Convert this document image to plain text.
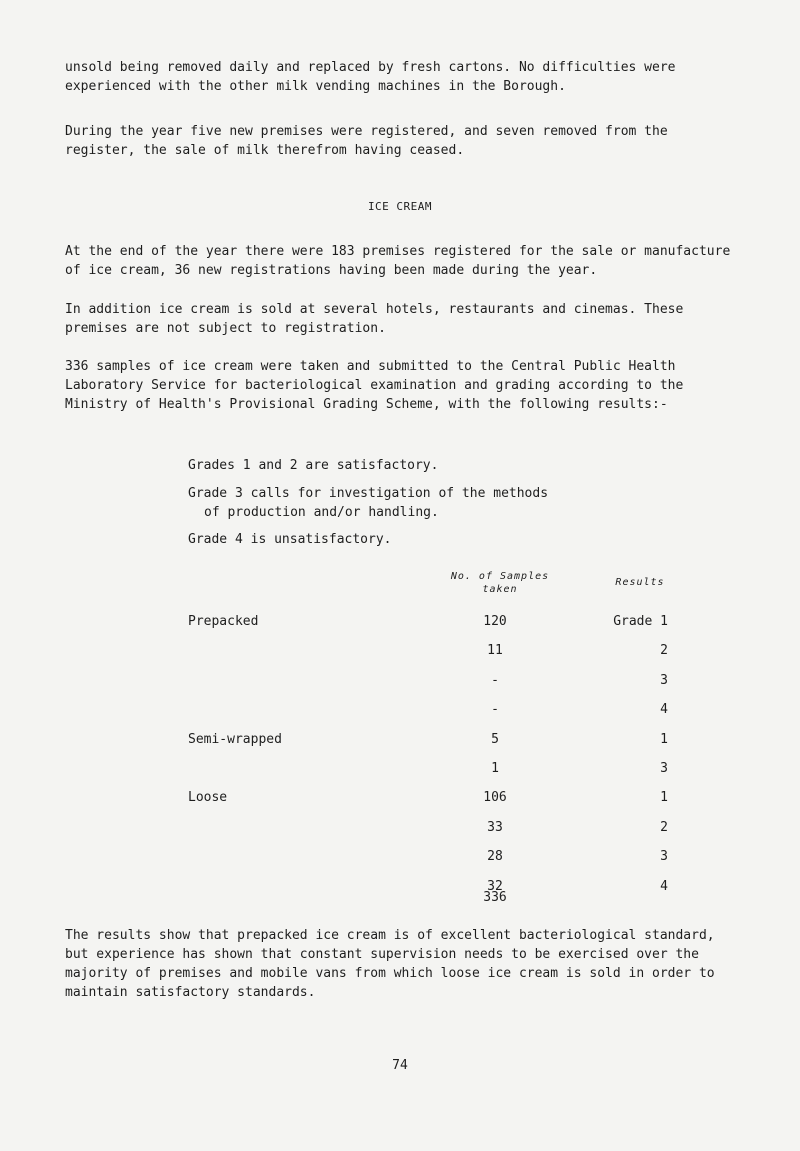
unsold being removed daily and replaced by fresh cartons. No difficulties were experienced with the other milk vending machines in the Borough.

During the year five new premises were registered, and seven removed from the register, the sale of milk therefrom having ceased.

ICE CREAM

At the end of the year there were 183 premises registered for the sale or manufacture of ice cream, 36 new registrations having been made during the year.

In addition ice cream is sold at several hotels, restaurants and cinemas. These premises are not subject to registration.

336 samples of ice cream were taken and submitted to the Central Public Health Laboratory Service for bacteriological examination and grading according to the Ministry of Health's Provisional Grading Scheme, with the following results:-

Grades 1 and 2 are satisfactory.
Grade 3 calls for investigation of the methods
of production and/or handling.
Grade 4 is unsatisfactory.
No. of Samples taken
Results
Prepacked	120	Grade 1
11	2
-	3
-	4
Semi-wrapped	5	1
1	3
Loose	106	1
33	2
28	3
32	4
336

The results show that prepacked ice cream is of excellent bacteriological standard, but experience has shown that constant supervision needs to be exercised over the majority of premises and mobile vans from which loose ice cream is sold in order to maintain satisfactory standards.

74
